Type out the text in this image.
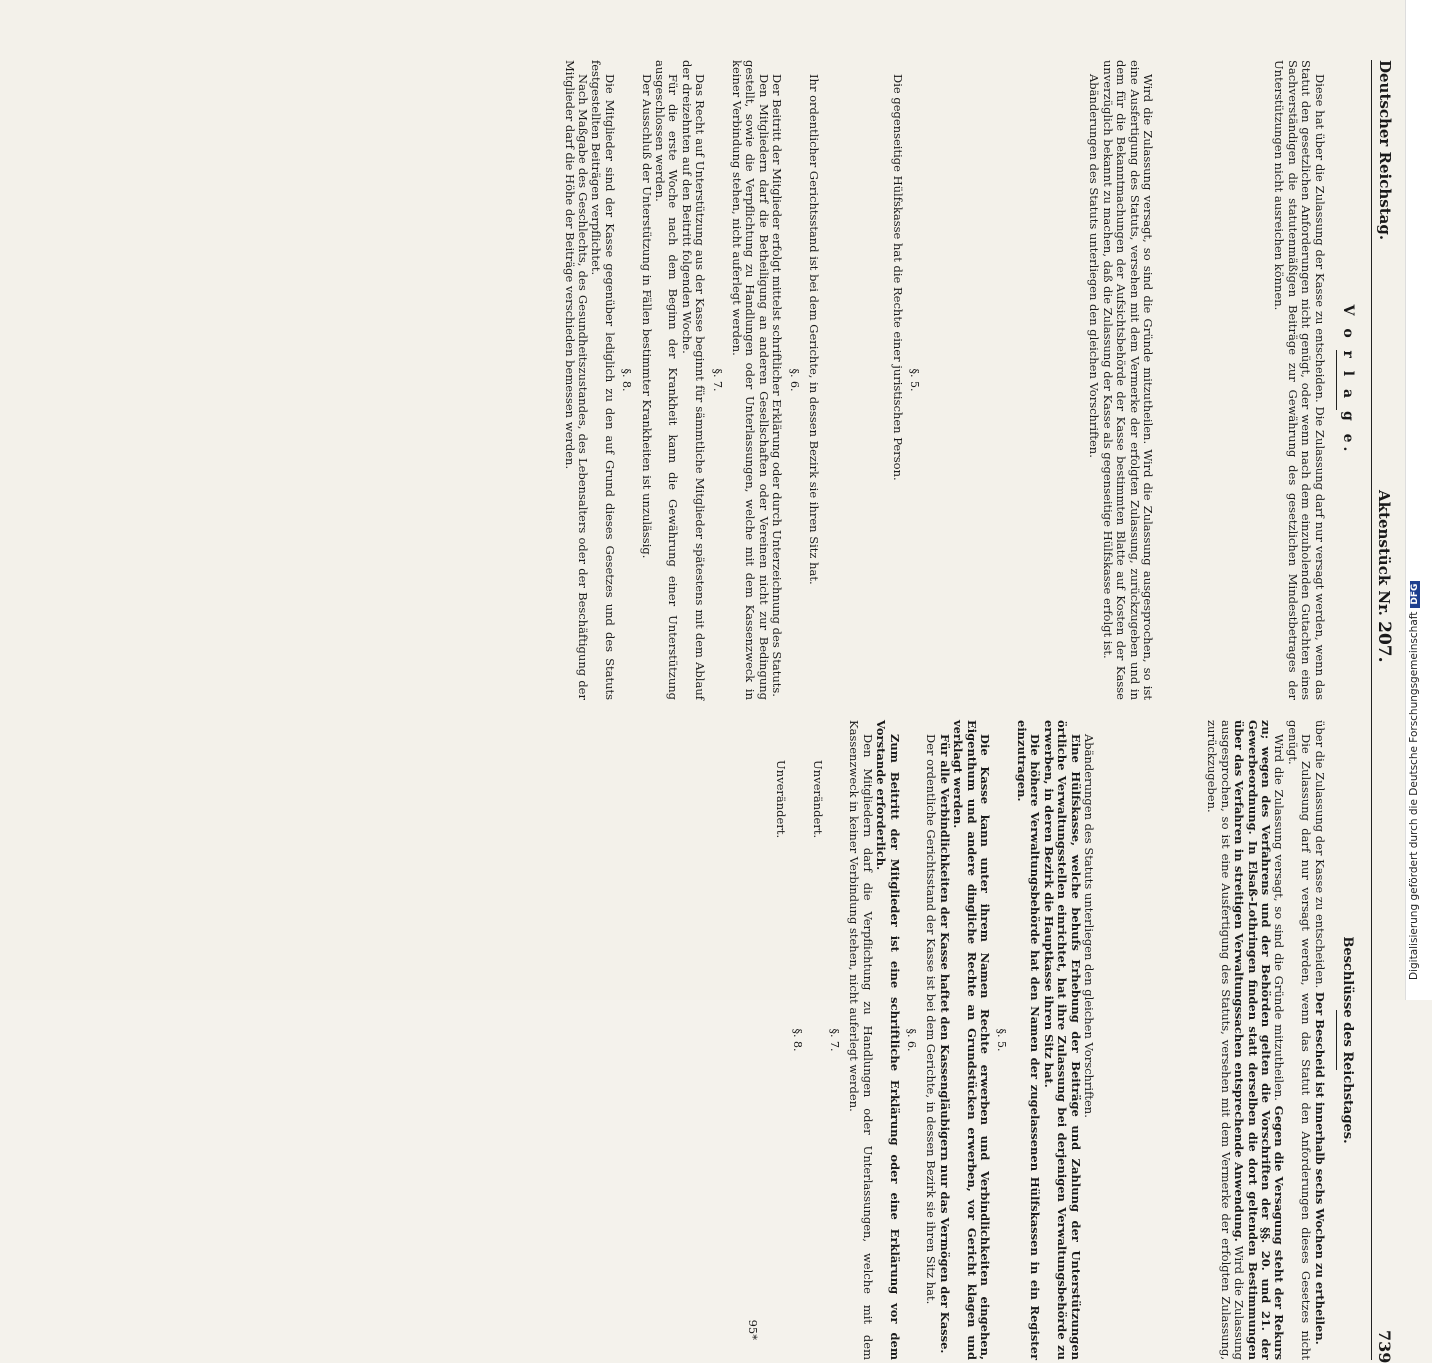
Deutscher Reichstag.
Aktenstück Nr. 207.
739
V o r l a g e.

Diese hat über die Zulassung der Kasse zu entscheiden. Die Zulassung darf nur versagt werden, wenn das Statut den gesetzlichen Anforderungen nicht genügt, oder wenn nach dem einzuholenden Gutachten eines Sachverständigen die statutenmäßigen Beiträge zur Gewährung des gesetzlichen Mindestbetrages der Unterstützungen nicht ausreichen können.

Wird die Zulassung versagt, so sind die Gründe mitzutheilen. Wird die Zulassung ausgesprochen, so ist eine Ausfertigung des Statuts, versehen mit dem Vermerke der erfolgten Zulassung, zurückzugeben und in dem für die Bekanntmachungen der Aufsichtsbehörde der Kasse bestimmten Blatte auf Kosten der Kasse unverzüglich bekannt zu machen, daß die Zulassung der Kasse als gegenseitige Hülfskasse erfolgt ist.

Abänderungen des Statuts unterliegen den gleichen Vorschriften.

§. 5.

Die gegenseitige Hülfskasse hat die Rechte einer juristischen Person.

Ihr ordentlicher Gerichtsstand ist bei dem Gerichte, in dessen Bezirk sie ihren Sitz hat.

§. 6.

Der Beitritt der Mitglieder erfolgt mittelst schriftlicher Erklärung oder durch Unterzeichnung des Statuts.

Den Mitgliedern darf die Betheiligung an anderen Gesellschaften oder Vereinen nicht zur Bedingung gestellt, sowie die Verpflichtung zu Handlungen oder Unterlassungen, welche mit dem Kassenzweck in keiner Verbindung stehen, nicht auferlegt werden.

§. 7.

Das Recht auf Unterstützung aus der Kasse beginnt für sämmtliche Mitglieder spätestens mit dem Ablauf der dreizehnten auf den Beitritt folgenden Woche.

Für die erste Woche nach dem Beginn der Krankheit kann die Gewährung einer Unterstützung ausgeschlossen werden.

Der Ausschluß der Unterstützung in Fällen bestimmter Krankheiten ist unzulässig.

§. 8.

Die Mitglieder sind der Kasse gegenüber lediglich zu den auf Grund dieses Gesetzes und des Statuts festgestellten Beiträgen verpflichtet.

Nach Maßgabe des Geschlechts, des Gesundheitszustandes, des Lebensalters oder der Beschäftigung der Mitglieder darf die Höhe der Beiträge verschieden bemessen werden.

Beschlüsse des Reichstages.

über die Zulassung der Kasse zu entscheiden. Der Bescheid ist innerhalb sechs Wochen zu ertheilen.

Die Zulassung darf nur versagt werden, wenn das Statut den Anforderungen dieses Gesetzes nicht genügt.

Wird die Zulassung versagt, so sind die Gründe mitzutheilen. Gegen die Versagung steht der Rekurs zu; wegen des Verfahrens und der Behörden gelten die Vorschriften der §§. 20. und 21. der Gewerbeordnung. In Elsaß-Lothringen finden statt derselben die dort geltenden Bestimmungen über das Verfahren in streitigen Verwaltungssachen entsprechende Anwendung. Wird die Zulassung ausgesprochen, so ist eine Ausfertigung des Statuts, versehen mit dem Vermerke der erfolgten Zulassung, zurückzugeben.

Abänderungen des Statuts unterliegen den gleichen Vorschriften.

Eine Hülfskasse, welche behufs Erhebung der Beiträge und Zahlung der Unterstützungen örtliche Verwaltungsstellen einrichtet, hat ihre Zulassung bei derjenigen Verwaltungsbehörde zu erwerben, in deren Bezirk die Hauptkasse ihren Sitz hat.

Die höhere Verwaltungsbehörde hat den Namen der zugelassenen Hülfskassen in ein Register einzutragen.

§. 5.

Die Kasse kann unter ihrem Namen Rechte erwerben und Verbindlichkeiten eingehen, Eigenthum und andere dingliche Rechte an Grundstücken erwerben, vor Gericht klagen und verklagt werden.

Für alle Verbindlichkeiten der Kasse haftet den Kassengläubigern nur das Vermögen der Kasse.

Der ordentliche Gerichtsstand der Kasse ist bei dem Gerichte, in dessen Bezirk sie ihren Sitz hat.

§. 6.

Zum Beitritt der Mitglieder ist eine schriftliche Erklärung oder eine Erklärung vor dem Vorstande erforderlich.

Den Mitgliedern darf die Verpflichtung zu Handlungen oder Unterlassungen, welche mit dem Kassenzweck in keiner Verbindung stehen, nicht auferlegt werden.

§. 7.

Unverändert.

§. 8.

Unverändert.

95*
Digitalisierung gefördert durch die Deutsche ForschungsgemeinschaftDFG
